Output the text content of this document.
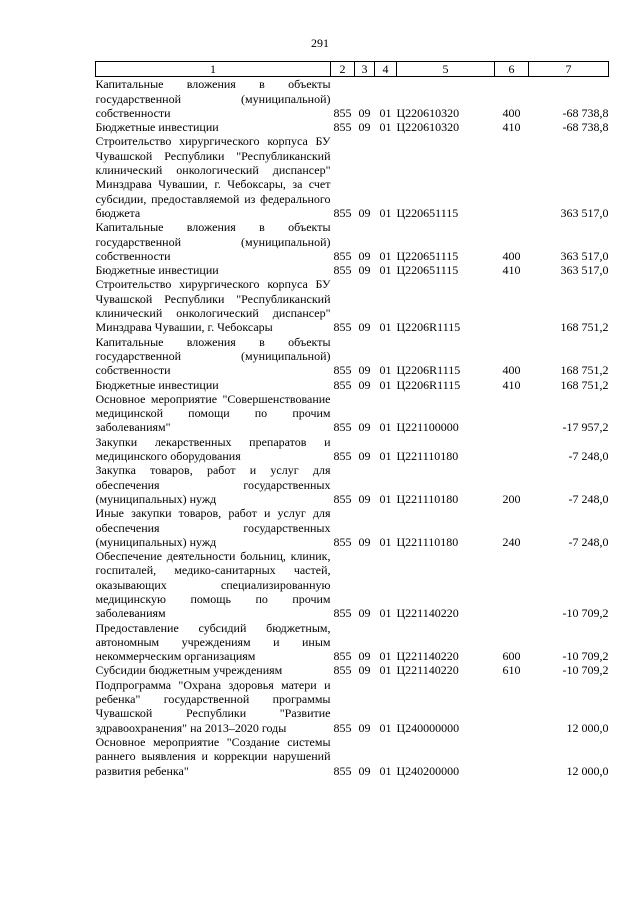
291
1	2	3	4	5	6	7
Капитальные вложения в объекты государственной (муниципальной) собственности	855	09	01	Ц220610320	400	-68 738,8
Бюджетные инвестиции	855	09	01	Ц220610320	410	-68 738,8
Строительство хирургического корпуса БУ Чувашской Республики "Республиканский клинический онкологический диспансер" Минздрава Чувашии, г. Чебоксары, за счет субсидии, предоставляемой из федерального бюджета	855	09	01	Ц220651115		363 517,0
Капитальные вложения в объекты государственной (муниципальной) собственности	855	09	01	Ц220651115	400	363 517,0
Бюджетные инвестиции	855	09	01	Ц220651115	410	363 517,0
Строительство хирургического корпуса БУ Чувашской Республики "Республиканский клинический онкологический диспансер" Минздрава Чувашии, г. Чебоксары	855	09	01	Ц2206R1115		168 751,2
Капитальные вложения в объекты государственной (муниципальной) собственности	855	09	01	Ц2206R1115	400	168 751,2
Бюджетные инвестиции	855	09	01	Ц2206R1115	410	168 751,2
Основное мероприятие "Совершенствование медицинской помощи по прочим заболеваниям"	855	09	01	Ц221100000		-17 957,2
Закупки лекарственных препаратов и медицинского оборудования	855	09	01	Ц221110180		-7 248,0
Закупка товаров, работ и услуг для обеспечения государственных (муниципальных) нужд	855	09	01	Ц221110180	200	-7 248,0
Иные закупки товаров, работ и услуг для обеспечения государственных (муниципальных) нужд	855	09	01	Ц221110180	240	-7 248,0
Обеспечение деятельности больниц, клиник, госпиталей, медико-санитарных частей, оказывающих специализированную медицинскую помощь по прочим заболеваниям	855	09	01	Ц221140220		-10 709,2
Предоставление субсидий бюджетным, автономным учреждениям и иным некоммерческим организациям	855	09	01	Ц221140220	600	-10 709,2
Субсидии бюджетным учреждениям	855	09	01	Ц221140220	610	-10 709,2
Подпрограмма "Охрана здоровья матери и ребенка" государственной программы Чувашской Республики "Развитие здравоохранения" на 2013–2020 годы	855	09	01	Ц240000000		12 000,0
Основное мероприятие "Создание системы раннего выявления и коррекции нарушений развития ребенка"	855	09	01	Ц240200000		12 000,0
